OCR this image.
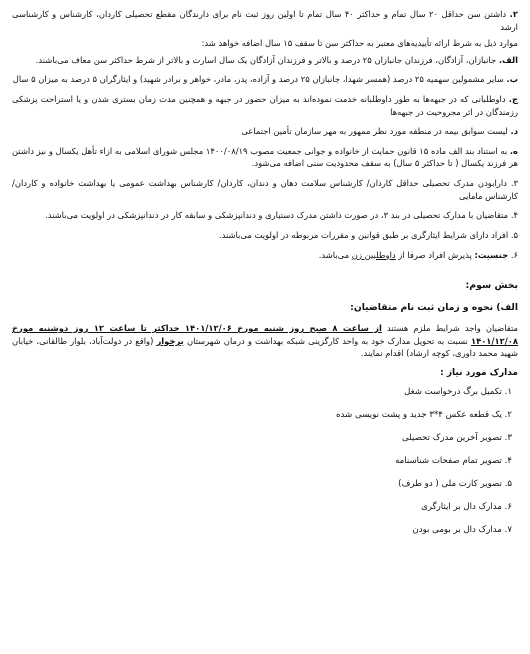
۲. داشتن سن حداقل ۲۰ سال تمام و حداکثر ۴۰ سال تمام تا اولین روز ثبت نام برای دارندگان مقطع تحصیلی کاردان، کارشناس و کارشناسی ارشد

موارد ذیل به شرط ارائه تأییدیه‌های معتبر به حداکثر سن تا سقف ۱۵ سال اضافه خواهد شد:

الف. جانبازان، آزادگان، فرزندان جانبازان ۲۵ درصد و بالاتر و فرزندان آزادگان یک سال اسارت و بالاتر از شرط حداکثر سن معاف می‌باشند.

ب. سایر مشمولین سهمیه ۲۵ درصد (همسر شهدا، جانبازان ۲۵ درصد و آزاده، پدر، مادر، خواهر و برادر شهید) و ایثارگران ۵ درصد به میزان ۵ سال

ج. داوطلبانی که در جبهه‌ها به طور داوطلبانه خدمت نموده‌اند به میزان حضور در جبهه و همچنین مدت زمان بستری شدن و یا استراحت پزشکی رزمندگان در اثر مجروحیت در جبهه‌ها

د. لیست سوابق بیمه در منطقه مورد نظر ممهور به مهر سازمان تأمین اجتماعی

ه. به استناد بند الف ماده ۱۵ قانون حمایت از خانواده و جوانی جمعیت مصوب ۱۴۰۰/۰۸/۱۹ مجلس شورای اسلامی به ازاء تأهل یکسال و نیز داشتن هر فرزند یکسال ( تا حداکثر ۵ سال) به سقف محدودیت سنی اضافه می‌شود.

۳. دارابودن مدرک تحصیلی حداقل کاردان/ کارشناس سلامت دهان و دندان، کاردان/ کارشناس بهداشت عمومی یا بهداشت خانواده و کاردان/ کارشناس مامایی

۴. متقاضیان با مدارک تحصیلی در بند ۳، در صورت داشتن مدرک دستیاری و دندانپزشکی و سابقه کار در دندانپزشکی در اولویت می‌باشند.

۵. افراد دارای شرایط ایثارگری بر طبق قوانین و مقررات مربوطه در اولویت می‌باشند.

۶. جنسیت: پذیرش افراد صرفا از داوطلبین زن می‌باشد.

بخش سوم:
الف) نحوه و زمان ثبت نام متقاضیان:

متقاضیان واجد شرایط ملزم هستند از ساعت ۸ صبح روز شنبه مورخ ۱۴۰۱/۱۲/۰۶ حداکثر تا ساعت ۱۲ روز دوشنبه مورخ ۱۴۰۱/۱۲/۰۸ نسبت به تحویل مدارک خود به واحد کارگزینی شبکه بهداشت و درمان شهرستان برخوار (واقع در دولت‌آباد، بلوار طالقانی، خیابان شهید محمد داوری، کوچه ارشاد) اقدام نمایند.

مدارک مورد نیاز :
۱. تکمیل برگ درخواست شغل
۲. یک قطعه عکس ۴*۳ جدید و پشت نویسی شده
۳. تصویر آخرین مدرک تحصیلی
۴. تصویر تمام صفحات شناسنامه
۵. تصویر کارت ملی ( دو طرف)
۶. مدارک دال بر ایثارگری
۷. مدارک دال بر بومی بودن
